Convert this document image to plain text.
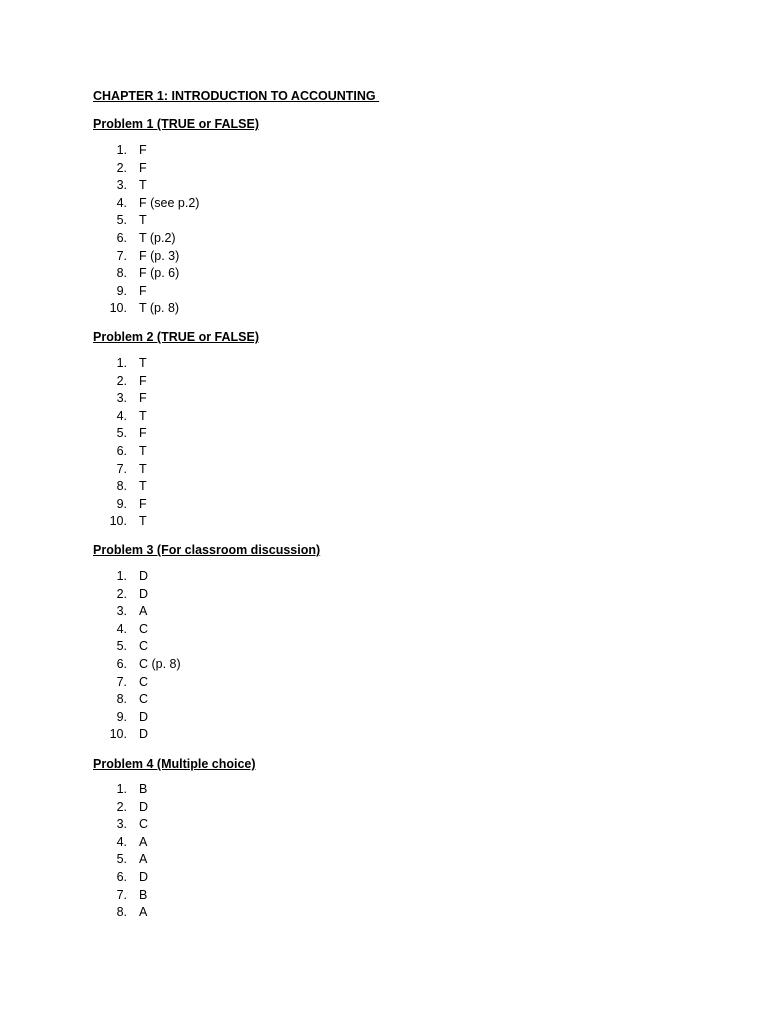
CHAPTER 1: INTRODUCTION TO ACCOUNTING
Problem 1 (TRUE or FALSE)
1. F
2. F
3. T
4. F (see p.2)
5. T
6. T (p.2)
7. F (p. 3)
8. F (p. 6)
9. F
10. T (p. 8)
Problem 2 (TRUE or FALSE)
1. T
2. F
3. F
4. T
5. F
6. T
7. T
8. T
9. F
10. T
Problem 3 (For classroom discussion)
1. D
2. D
3. A
4. C
5. C
6. C (p. 8)
7. C
8. C
9. D
10. D
Problem 4 (Multiple choice)
1. B
2. D
3. C
4. A
5. A
6. D
7. B
8. A
